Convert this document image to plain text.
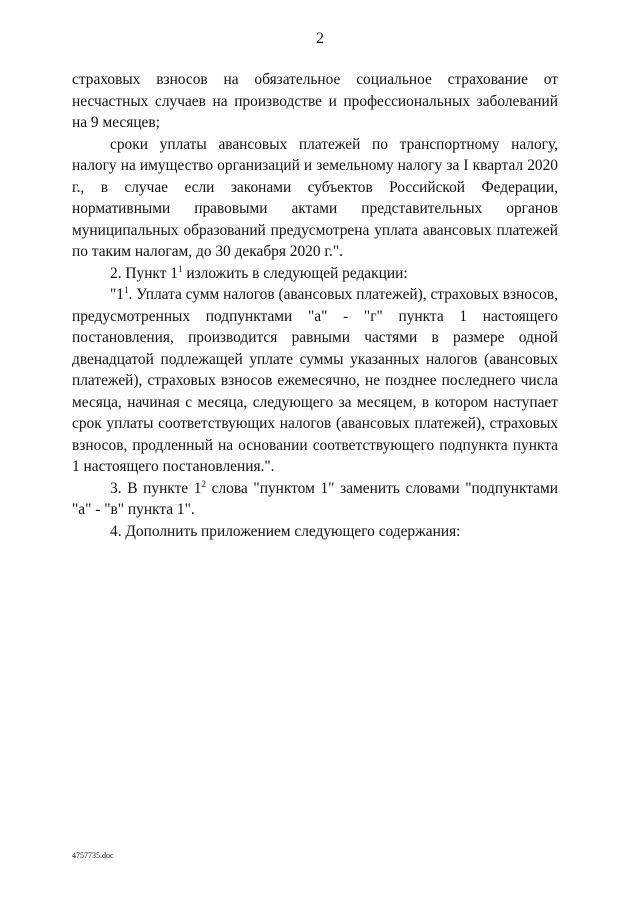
2

страховых взносов на обязательное социальное страхование от несчастных случаев на производстве и профессиональных заболеваний на 9 месяцев;

сроки уплаты авансовых платежей по транспортному налогу, налогу на имущество организаций и земельному налогу за I квартал 2020 г., в случае если законами субъектов Российской Федерации, нормативными правовыми актами представительных органов муниципальных образований предусмотрена уплата авансовых платежей по таким налогам, до 30 декабря 2020 г.".

2. Пункт $1^1$ изложить в следующей редакции:

"$1^1$. Уплата сумм налогов (авансовых платежей), страховых взносов, предусмотренных подпунктами "а" - "г" пункта 1 настоящего постановления, производится равными частями в размере одной двенадцатой подлежащей уплате суммы указанных налогов (авансовых платежей), страховых взносов ежемесячно, не позднее последнего числа месяца, начиная с месяца, следующего за месяцем, в котором наступает срок уплаты соответствующих налогов (авансовых платежей), страховых взносов, продленный на основании соответствующего подпункта пункта 1 настоящего постановления.".

3. В пункте $1^2$ слова "пунктом 1" заменить словами "подпунктами "а" - "в" пункта 1".

4. Дополнить приложением следующего содержания:

4757735.doc
